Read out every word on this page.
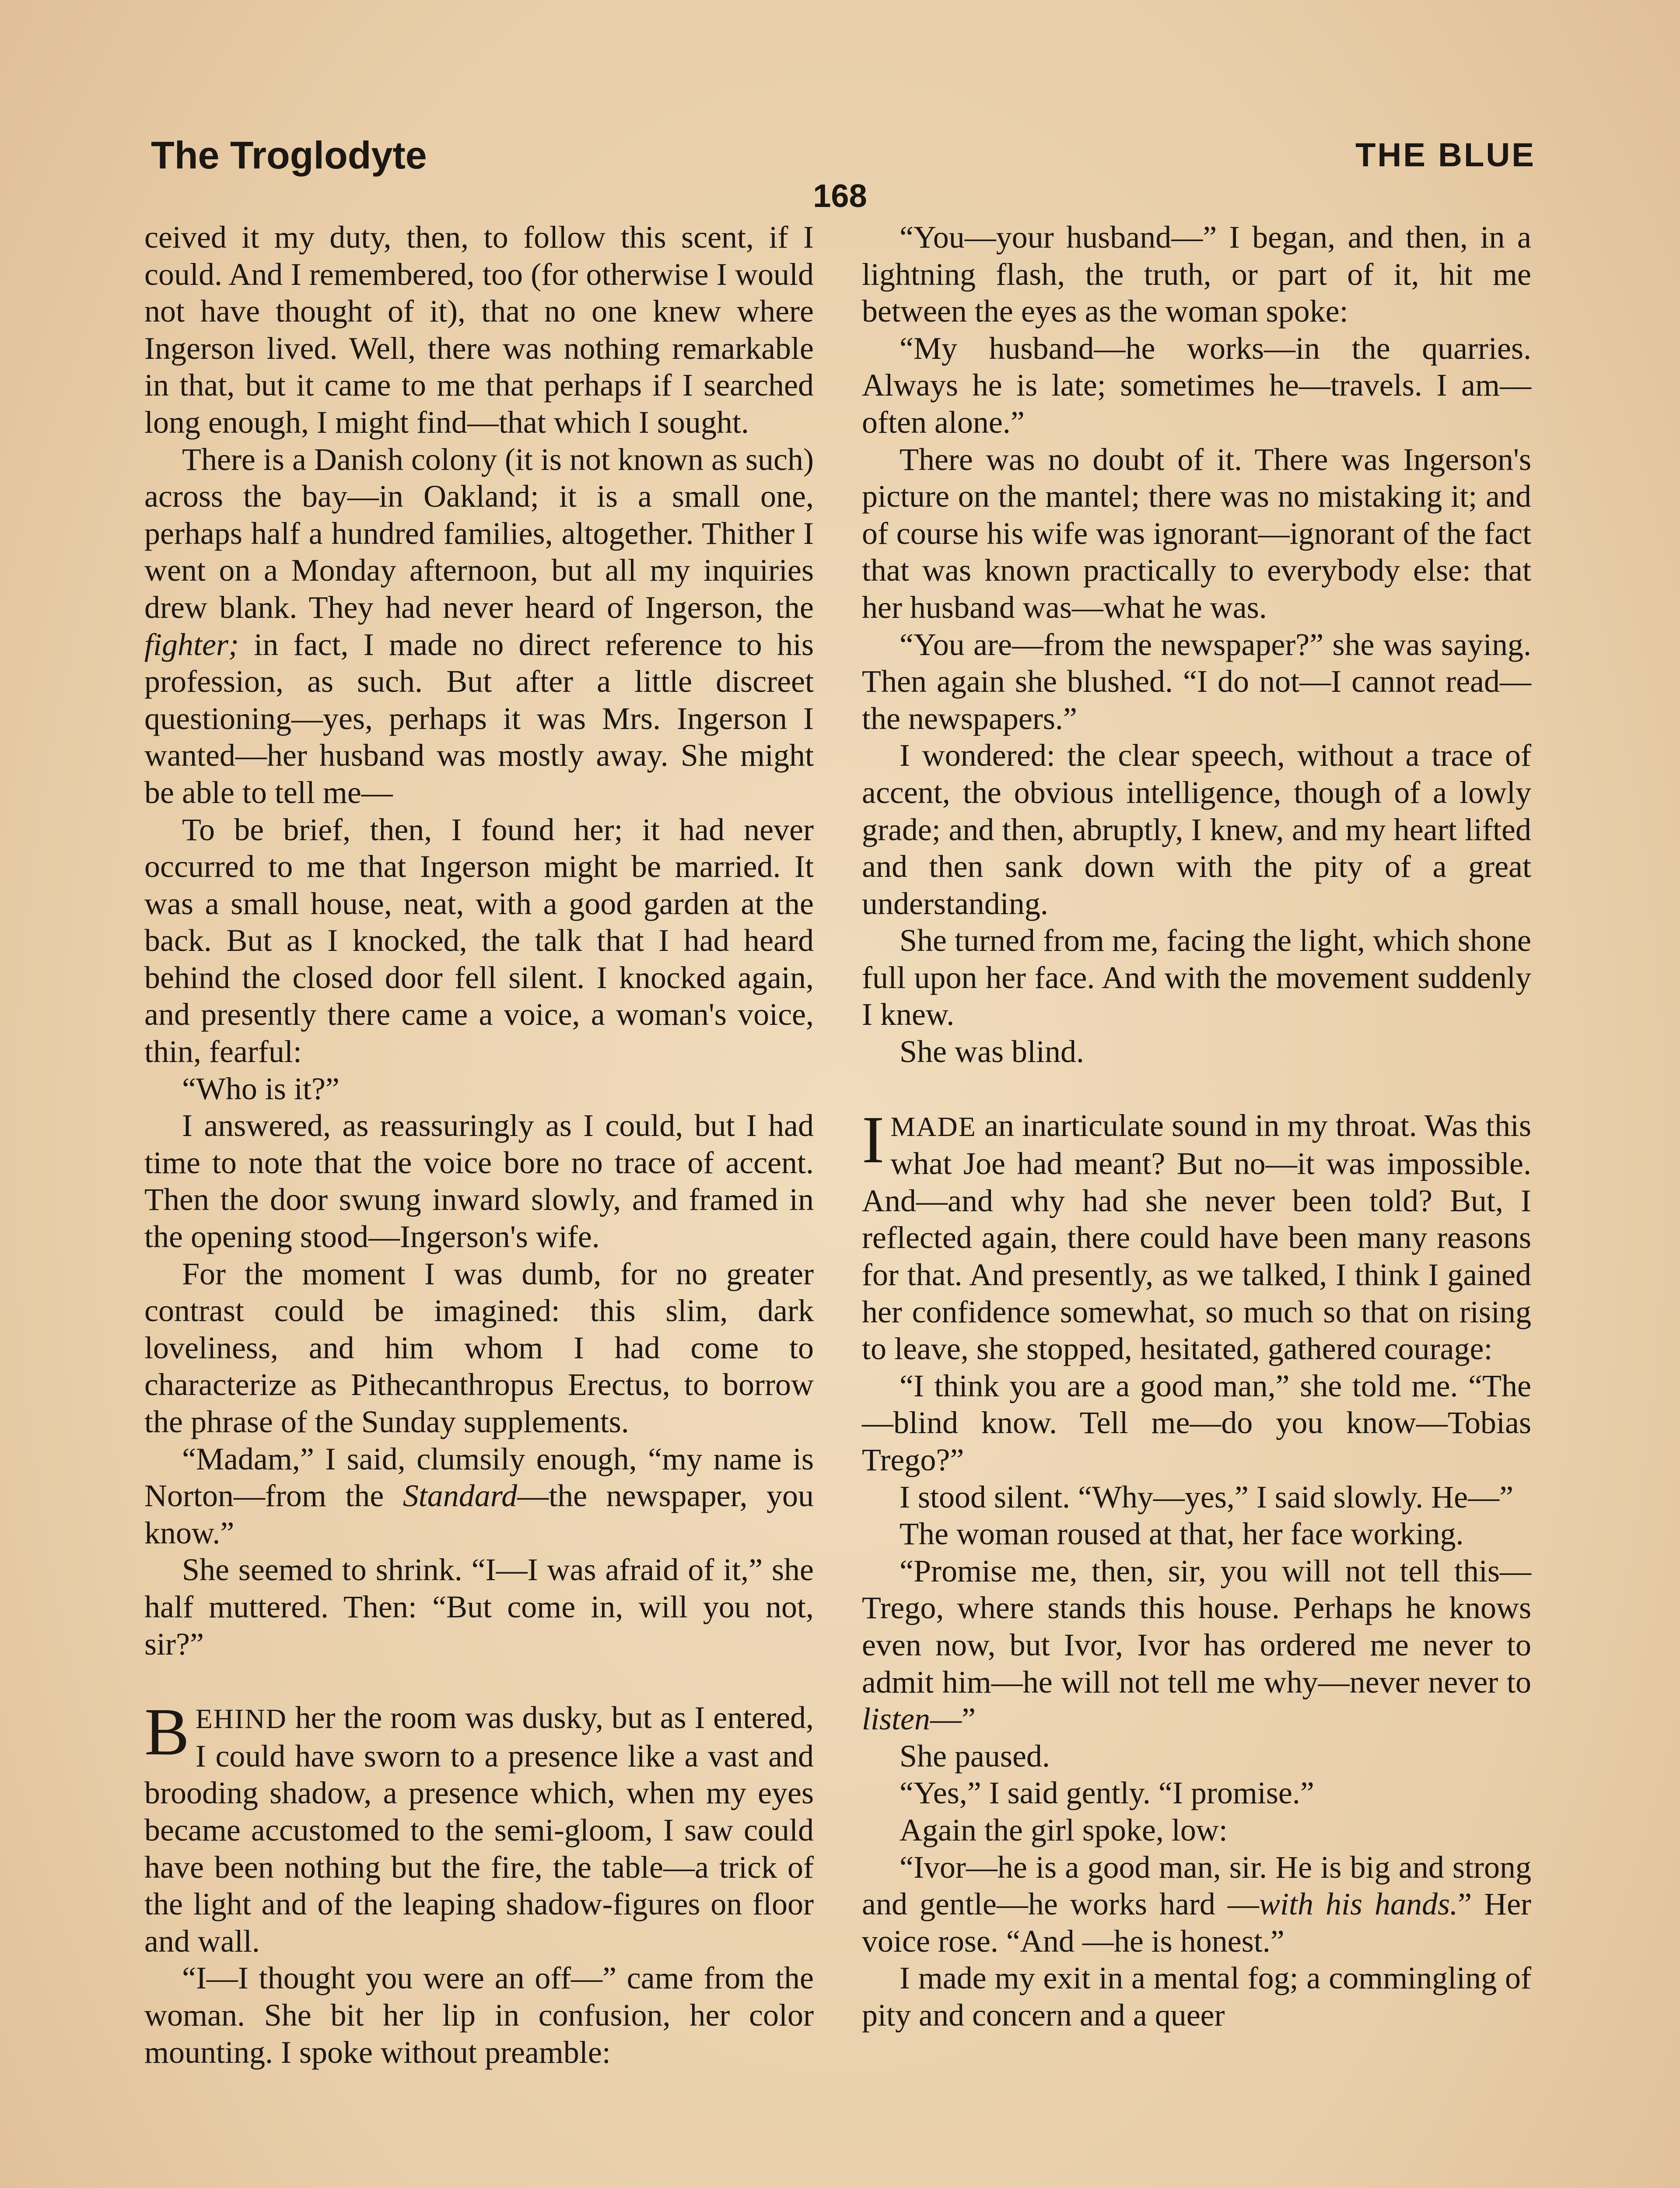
The Troglodyte	THE BLUE
168

ceived it my duty, then, to follow this scent, if I could. And I remembered, too (for otherwise I would not have thought of it), that no one knew where Ingerson lived. Well, there was nothing remarkable in that, but it came to me that perhaps if I searched long enough, I might find—that which I sought.

There is a Danish colony (it is not known as such) across the bay—in Oakland; it is a small one, perhaps half a hundred families, altogether. Thither I went on a Monday afternoon, but all my inquiries drew blank. They had never heard of Ingerson, the fighter; in fact, I made no direct reference to his profession, as such. But after a little discreet questioning—yes, perhaps it was Mrs. Ingerson I wanted—her husband was mostly away. She might be able to tell me—

To be brief, then, I found her; it had never occurred to me that Ingerson might be married. It was a small house, neat, with a good garden at the back. But as I knocked, the talk that I had heard behind the closed door fell silent. I knocked again, and presently there came a voice, a woman's voice, thin, fearful:

“Who is it?”

I answered, as reassuringly as I could, but I had time to note that the voice bore no trace of accent. Then the door swung inward slowly, and framed in the opening stood—Ingerson's wife.

For the moment I was dumb, for no greater contrast could be imagined: this slim, dark loveliness, and him whom I had come to characterize as Pithecanthropus Erectus, to borrow the phrase of the Sunday supplements.

“Madam,” I said, clumsily enough, “my name is Norton—from the Standard—the newspaper, you know.”

She seemed to shrink. “I—I was afraid of it,” she half muttered. Then: “But come in, will you not, sir?”

BEHIND her the room was dusky, but as I entered, I could have sworn to a presence like a vast and brooding shadow, a presence which, when my eyes became accustomed to the semi-gloom, I saw could have been nothing but the fire, the table—a trick of the light and of the leaping shadow-figures on floor and wall.

“I—I thought you were an off—” came from the woman. She bit her lip in confusion, her color mounting. I spoke without preamble:

“You—your husband—” I began, and then, in a lightning flash, the truth, or part of it, hit me between the eyes as the woman spoke:

“My husband—he works—in the quarries. Always he is late; sometimes he—travels. I am—often alone.”

There was no doubt of it. There was Ingerson's picture on the mantel; there was no mistaking it; and of course his wife was ignorant—ignorant of the fact that was known practically to everybody else: that her husband was—what he was.

“You are—from the newspaper?” she was saying. Then again she blushed. “I do not—I cannot read—the newspapers.”

I wondered: the clear speech, without a trace of accent, the obvious intelligence, though of a lowly grade; and then, abruptly, I knew, and my heart lifted and then sank down with the pity of a great understanding.

She turned from me, facing the light, which shone full upon her face. And with the movement suddenly I knew.

She was blind.

IMADE an inarticulate sound in my throat. Was this what Joe had meant? But no—it was impossible. And—and why had she never been told? But, I reflected again, there could have been many reasons for that. And presently, as we talked, I think I gained her confidence somewhat, so much so that on rising to leave, she stopped, hesitated, gathered courage:

“I think you are a good man,” she told me. “The—blind know. Tell me—do you know—Tobias Trego?”

I stood silent. “Why—yes,” I said slowly. He—”

The woman roused at that, her face working.

“Promise me, then, sir, you will not tell this—Trego, where stands this house. Perhaps he knows even now, but Ivor, Ivor has ordered me never to admit him—he will not tell me why—never never to listen—”

She paused.

“Yes,” I said gently. “I promise.”

Again the girl spoke, low:

“Ivor—he is a good man, sir. He is big and strong and gentle—he works hard —with his hands.” Her voice rose. “And —he is honest.”

I made my exit in a mental fog; a commingling of pity and concern and a queer
